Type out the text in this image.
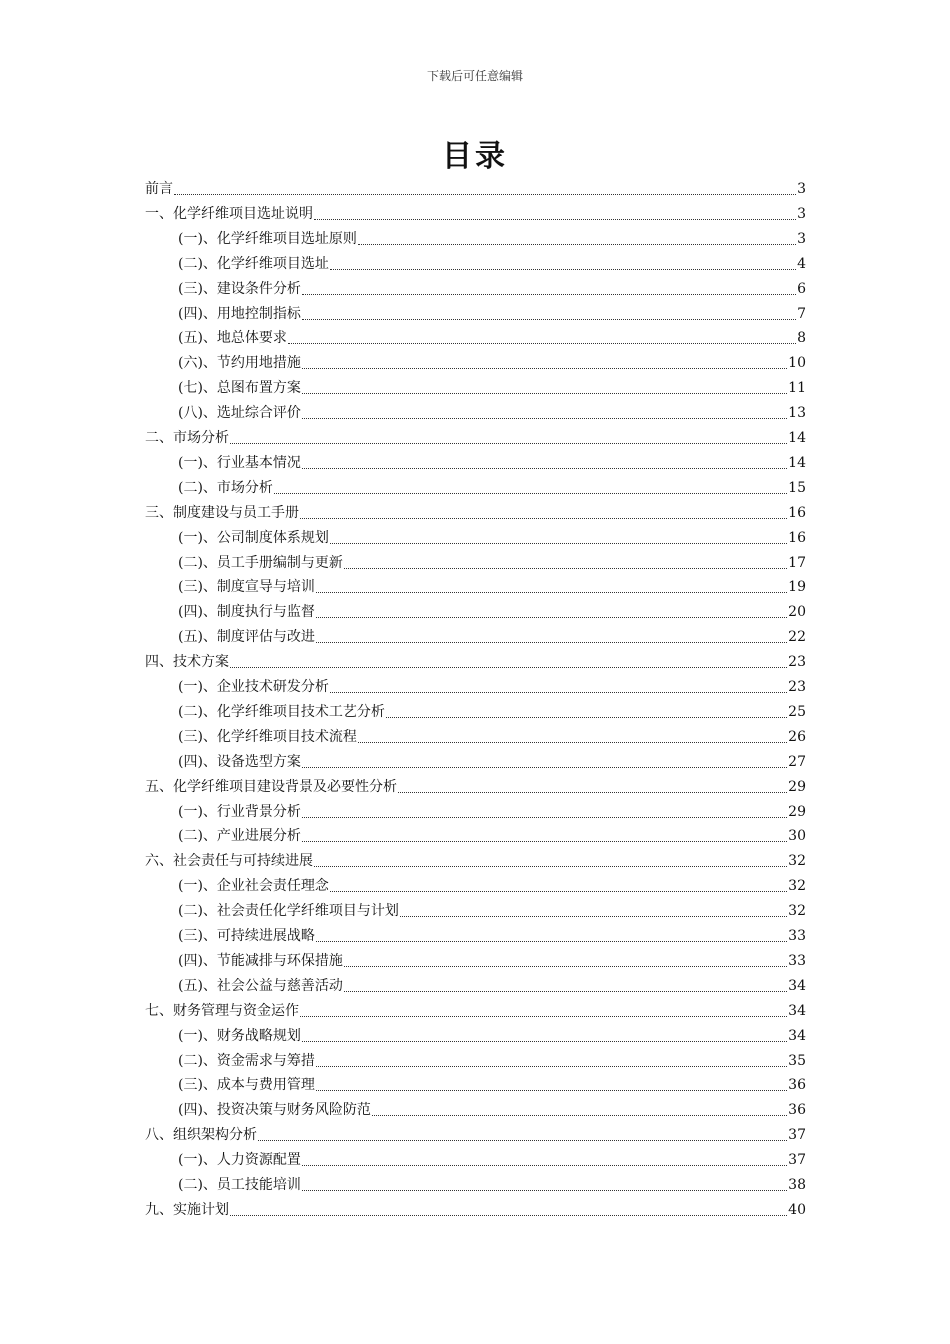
下载后可任意编辑
目录
前言	3
一、化学纤维项目选址说明	3
(一)、化学纤维项目选址原则	3
(二)、化学纤维项目选址	4
(三)、建设条件分析	6
(四)、用地控制指标	7
(五)、地总体要求	8
(六)、节约用地措施	10
(七)、总图布置方案	11
(八)、选址综合评价	13
二、市场分析	14
(一)、行业基本情况	14
(二)、市场分析	15
三、制度建设与员工手册	16
(一)、公司制度体系规划	16
(二)、员工手册编制与更新	17
(三)、制度宣导与培训	19
(四)、制度执行与监督	20
(五)、制度评估与改进	22
四、技术方案	23
(一)、企业技术研发分析	23
(二)、化学纤维项目技术工艺分析	25
(三)、化学纤维项目技术流程	26
(四)、设备选型方案	27
五、化学纤维项目建设背景及必要性分析	29
(一)、行业背景分析	29
(二)、产业进展分析	30
六、社会责任与可持续进展	32
(一)、企业社会责任理念	32
(二)、社会责任化学纤维项目与计划	32
(三)、可持续进展战略	33
(四)、节能减排与环保措施	33
(五)、社会公益与慈善活动	34
七、财务管理与资金运作	34
(一)、财务战略规划	34
(二)、资金需求与筹措	35
(三)、成本与费用管理	36
(四)、投资决策与财务风险防范	36
八、组织架构分析	37
(一)、人力资源配置	37
(二)、员工技能培训	38
九、实施计划	40
